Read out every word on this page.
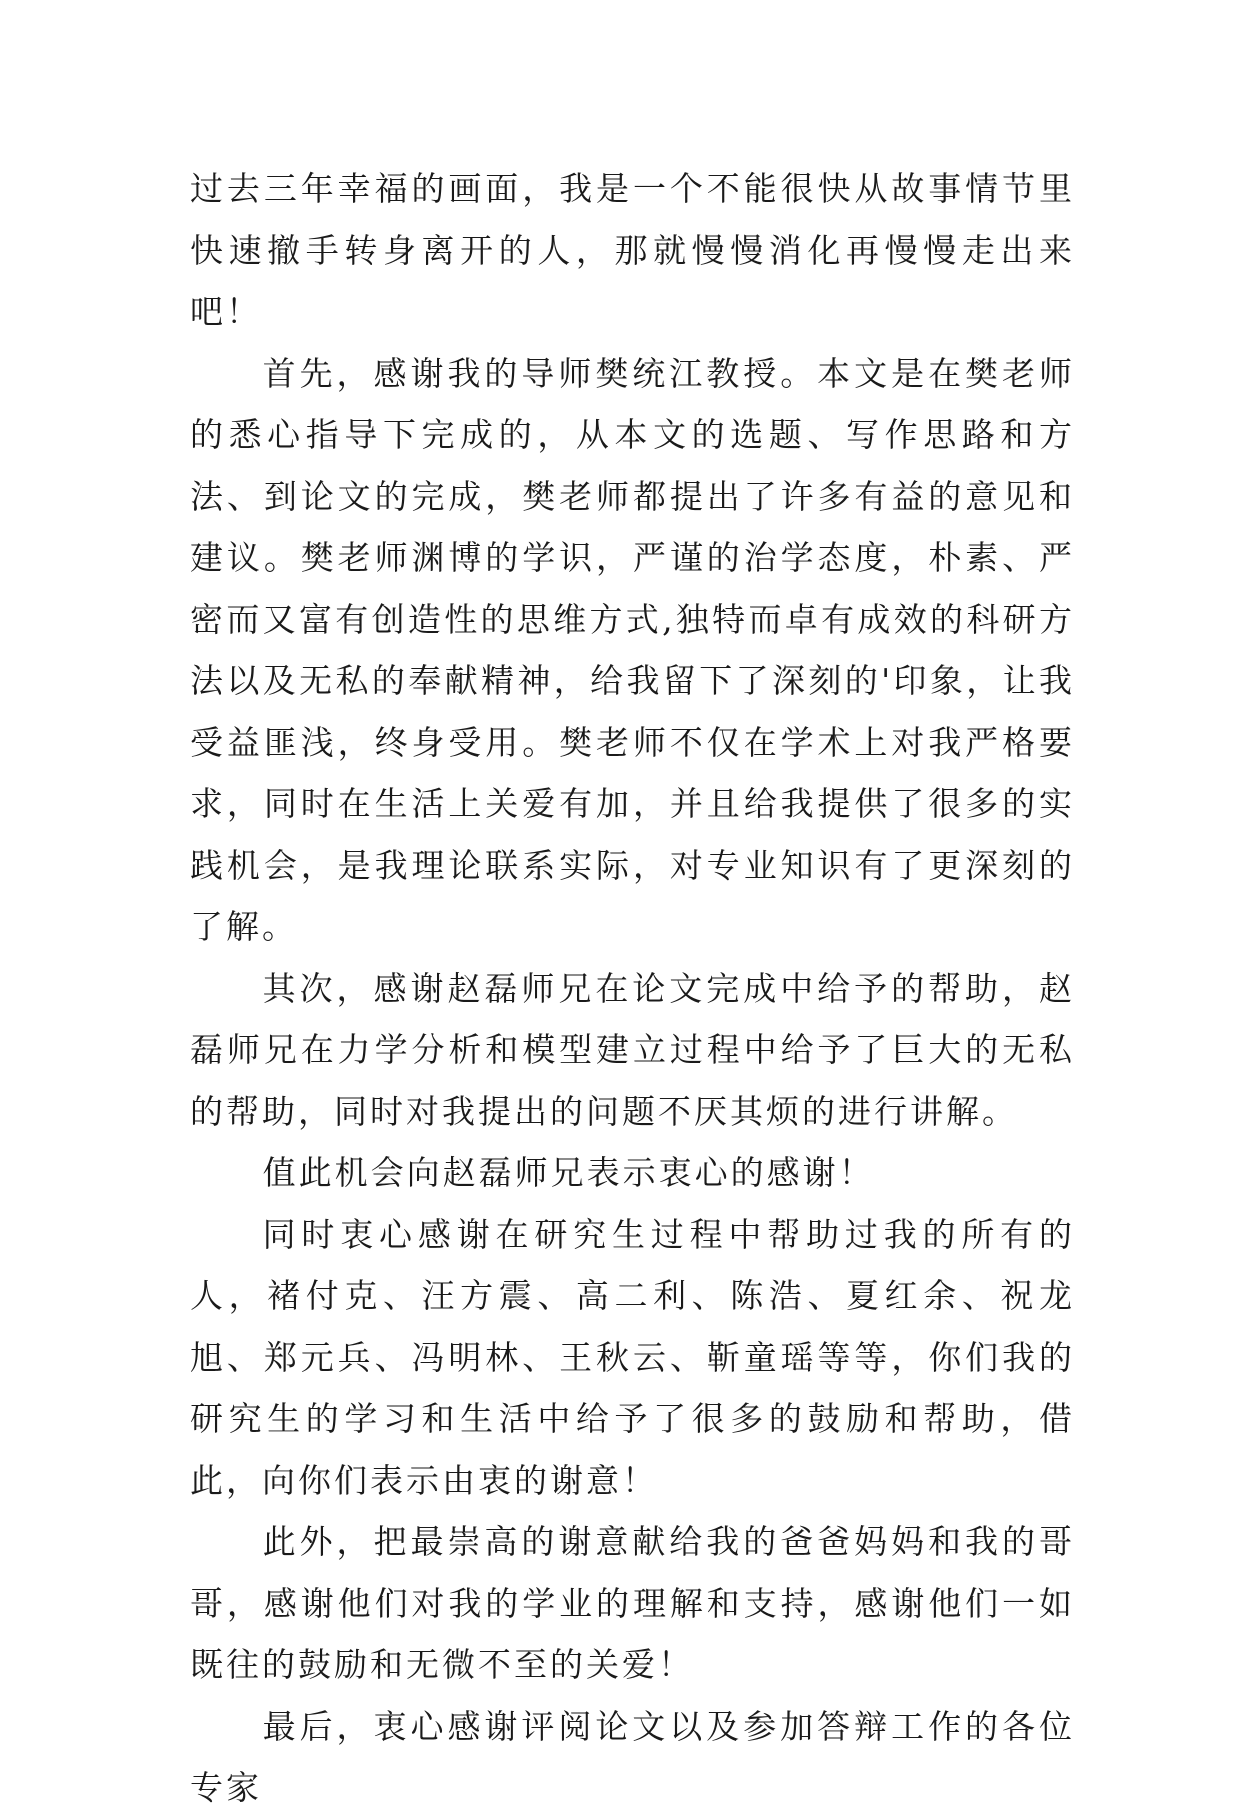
过去三年幸福的画面，我是一个不能很快从故事情节里快速撤手转身离开的人，那就慢慢消化再慢慢走出来吧！

首先，感谢我的导师樊统江教授。本文是在樊老师的悉心指导下完成的，从本文的选题、写作思路和方法、到论文的完成，樊老师都提出了许多有益的意见和建议。樊老师渊博的学识，严谨的治学态度，朴素、严密而又富有创造性的思维方式,独特而卓有成效的科研方法以及无私的奉献精神，给我留下了深刻的'印象，让我受益匪浅，终身受用。樊老师不仅在学术上对我严格要求，同时在生活上关爱有加，并且给我提供了很多的实践机会，是我理论联系实际，对专业知识有了更深刻的了解。

其次，感谢赵磊师兄在论文完成中给予的帮助，赵磊师兄在力学分析和模型建立过程中给予了巨大的无私的帮助，同时对我提出的问题不厌其烦的进行讲解。

值此机会向赵磊师兄表示衷心的感谢！

同时衷心感谢在研究生过程中帮助过我的所有的人，褚付克、汪方震、高二利、陈浩、夏红余、祝龙旭、郑元兵、冯明林、王秋云、靳童瑶等等，你们我的研究生的学习和生活中给予了很多的鼓励和帮助，借此，向你们表示由衷的谢意！

此外，把最崇高的谢意献给我的爸爸妈妈和我的哥哥，感谢他们对我的学业的理解和支持，感谢他们一如既往的鼓励和无微不至的关爱！

最后，衷心感谢评阅论文以及参加答辩工作的各位专家
